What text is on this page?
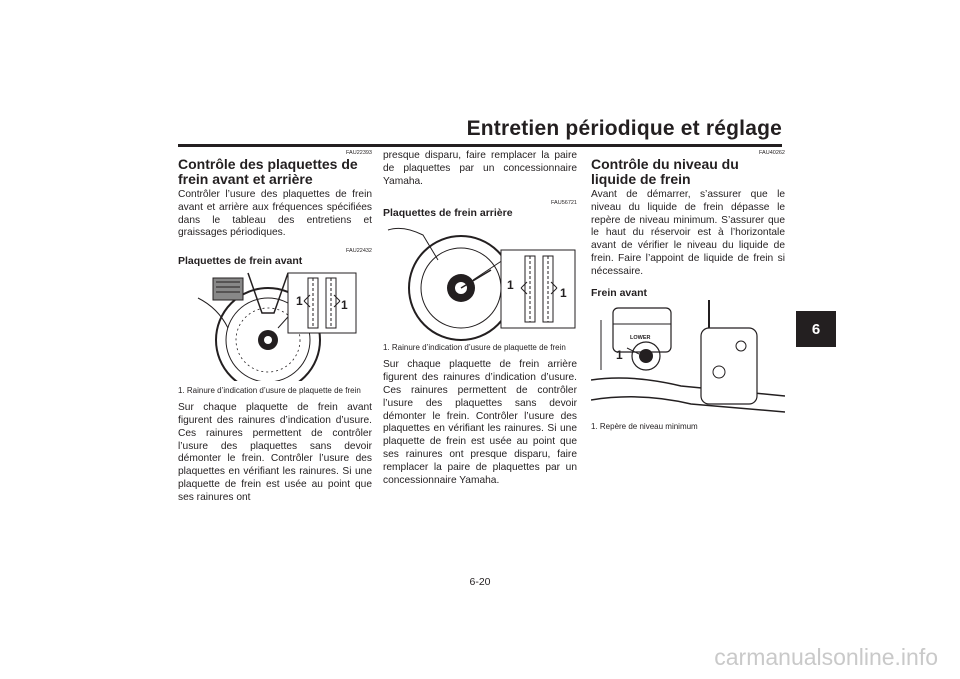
Entretien périodique et réglage
6
FAU22393
Contrôle des plaquettes de frein avant et arrière

Contrôler l’usure des plaquettes de frein avant et arrière aux fréquences spécifiées dans le tableau des entretiens et graissages périodiques.

FAU22432
Plaquettes de frein avant
1	1
1. Rainure d’indication d’usure de plaquette de frein

Sur chaque plaquette de frein avant figurent des rainures d’indication d’usure. Ces rainures permettent de contrôler l’usure des plaquettes sans devoir démonter le frein. Contrôler l’usure des plaquettes en vérifiant les rainures. Si une plaquette de frein est usée au point que ses rainures ont

presque disparu, faire remplacer la paire de plaquettes par un concessionnaire Yamaha.

FAU56721
Plaquettes de frein arrière
1
1
1. Rainure d’indication d’usure de plaquette de frein

Sur chaque plaquette de frein arrière figurent des rainures d’indication d’usure. Ces rainures permettent de contrôler l’usure des plaquettes sans devoir démonter le frein. Contrôler l’usure des plaquettes en vérifiant les rainures. Si une plaquette de frein est usée au point que ses rainures ont presque disparu, faire remplacer la paire de plaquettes par un concessionnaire Yamaha.

FAU40262
Contrôle du niveau du liquide de frein

Avant de démarrer, s’assurer que le niveau du liquide de frein dépasse le repère de niveau minimum. S’assurer que le haut du réservoir est à l’horizontale avant de vérifier le niveau du liquide de frein. Faire l’appoint de liquide de frein si nécessaire.

Frein avant
LOWER
1
1. Repère de niveau minimum
6-20
carmanualsonline.info
